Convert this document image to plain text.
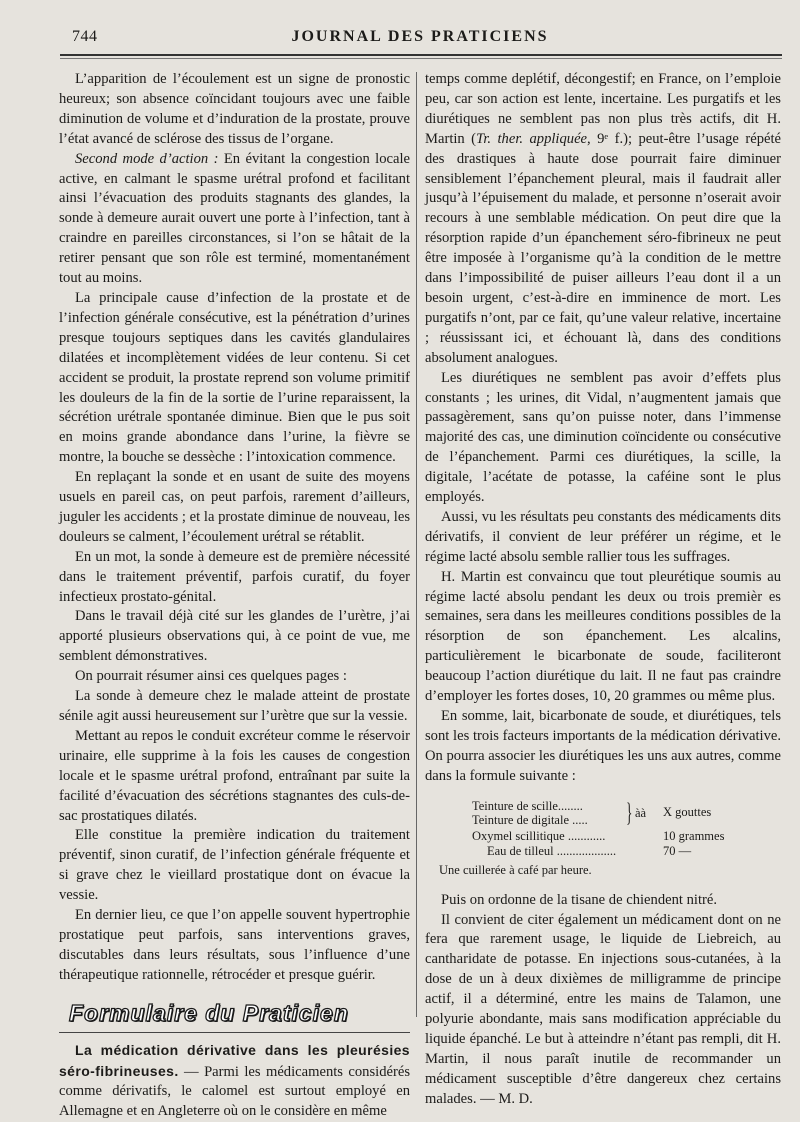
744	JOURNAL DES PRATICIENS

L’apparition de l’écoulement est un signe de pronostic heureux; son absence coïncidant toujours avec une faible diminution de volume et d’induration de la prostate, prouve l’état avancé de sclérose des tissus de l’organe.

Second mode d’action : En évitant la congestion locale active, en calmant le spasme urétral profond et facilitant ainsi l’évacuation des produits stagnants des glandes, la sonde à demeure aurait ouvert une porte à l’infection, tant à craindre en pareilles circonstances, si l’on se hâtait de la retirer pensant que son rôle est terminé, momentanément tout au moins.

La principale cause d’infection de la prostate et de l’infection générale consécutive, est la pénétration d’urines presque toujours septiques dans les cavités glandulaires dilatées et incomplètement vidées de leur contenu. Si cet accident se produit, la prostate reprend son volume primitif les douleurs de la fin de la sortie de l’urine reparaissent, la sécrétion urétrale spontanée diminue. Bien que le pus soit en moins grande abondance dans l’urine, la fièvre se montre, la bouche se dessèche : l’intoxication commence.

En replaçant la sonde et en usant de suite des moyens usuels en pareil cas, on peut parfois, rarement d’ailleurs, juguler les accidents ; et la prostate diminue de nouveau, les douleurs se calment, l’écoulement urétral se rétablit.

En un mot, la sonde à demeure est de première nécessité dans le traitement préventif, parfois curatif, du foyer infectieux prostato-génital.

Dans le travail déjà cité sur les glandes de l’urètre, j’ai apporté plusieurs observations qui, à ce point de vue, me semblent démonstratives.

On pourrait résumer ainsi ces quelques pages :

La sonde à demeure chez le malade atteint de prostate sénile agit aussi heureusement sur l’urètre que sur la vessie.

Mettant au repos le conduit excréteur comme le réservoir urinaire, elle supprime à la fois les causes de congestion locale et le spasme urétral profond, entraînant par suite la facilité d’évacuation des sécrétions stagnantes des culs-de-sac prostatiques dilatés.

Elle constitue la première indication du traitement préventif, sinon curatif, de l’infection générale fréquente et si grave chez le vieillard prostatique dont on évacue la vessie.

En dernier lieu, ce que l’on appelle souvent hypertrophie prostatique peut parfois, sans interventions graves, discutables dans leurs résultats, sous l’influence d’une thérapeutique rationnelle, rétrocéder et presque guérir.

Formulaire du Praticien

La médication dérivative dans les pleurésies séro-fibrineuses. — Parmi les médicaments considérés comme dérivatifs, le calomel est surtout employé en Allemagne et en Angleterre où on le considère en même

temps comme deplétif, décongestif; en France, on l’emploie peu, car son action est lente, incertaine. Les purgatifs et les diurétiques ne semblent pas non plus très actifs, dit H. Martin (Tr. ther. appliquée, 9ᵉ f.); peut-être l’usage répété des drastiques à haute dose pourrait faire diminuer sensiblement l’épanchement pleural, mais il faudrait aller jusqu’à l’épuisement du malade, et personne n’oserait avoir recours à une semblable médication. On peut dire que la résorption rapide d’un épanchement séro-fibrineux ne peut être imposée à l’organisme qu’à la condition de le mettre dans l’impossibilité de puiser ailleurs l’eau dont il a un besoin urgent, c’est-à-dire en imminence de mort. Les purgatifs n’ont, par ce fait, qu’une valeur relative, incertaine ; réussissant ici, et échouant là, dans des conditions absolument analogues.

Les diurétiques ne semblent pas avoir d’effets plus constants ; les urines, dit Vidal, n’augmentent jamais que passagèrement, sans qu’on puisse noter, dans l’immense majorité des cas, une diminution coïncidente ou consécutive de l’épanchement. Parmi ces diurétiques, la scille, la digitale, l’acétate de potasse, la caféine sont le plus employés.

Aussi, vu les résultats peu constants des médicaments dits dérivatifs, il convient de leur préférer un régime, et le régime lacté absolu semble rallier tous les suffrages.

H. Martin est convaincu que tout pleurétique soumis au régime lacté absolu pendant les deux ou trois premièr es semaines, sera dans les meilleures conditions possibles de la résorption de son épanchement. Les alcalins, particulièrement le bicarbonate de soude, faciliteront beaucoup l’action diurétique du lait. Il ne faut pas craindre d’employer les fortes doses, 10, 20 grammes ou même plus.

En somme, lait, bicarbonate de soude, et diurétiques, tels sont les trois facteurs importants de la médication dérivative. On pourra associer les diurétiques les uns aux autres, comme dans la formule suivante :

Teinture de scille........
Teinture de digitale ..... } àà X gouttes
Oxymel scillitique ............	10 grammes
Eau de tilleul ...................	70 —
Une cuillerée à café par heure.

Puis on ordonne de la tisane de chiendent nitré.

Il convient de citer également un médicament dont on ne fera que rarement usage, le liquide de Liebreich, au cantharidate de potasse. En injections sous-cutanées, à la dose de un à deux dixièmes de milligramme de principe actif, il a déterminé, entre les mains de Talamon, une polyurie abondante, mais sans modification appréciable du liquide épanché. Le but à atteindre n’étant pas rempli, dit H. Martin, il nous paraît inutile de recommander un médicament susceptible d’être dangereux chez certains malades. — M. D.
